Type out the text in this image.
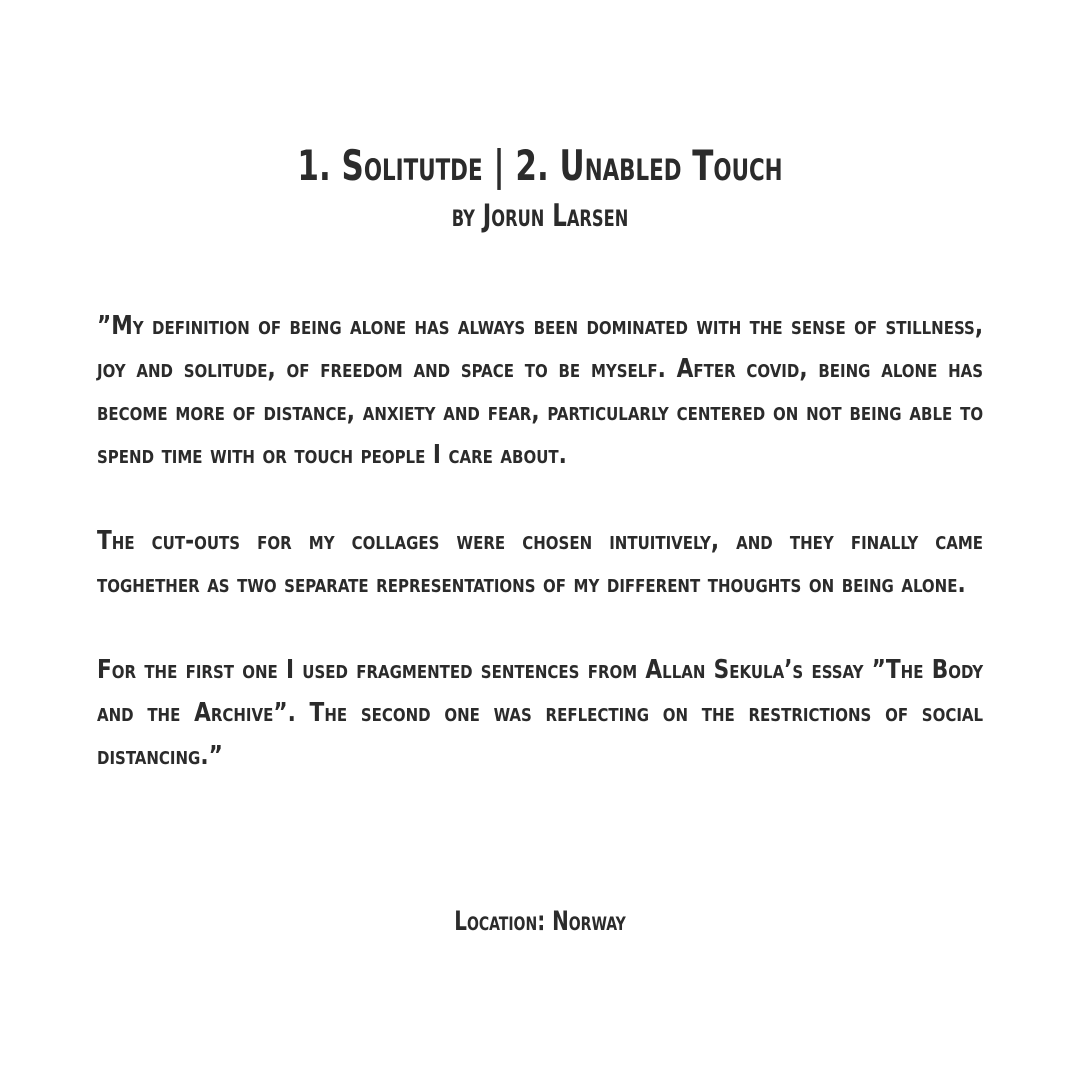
1. Solitutde | 2. Unabled Touch
by Jorun Larsen

”My definition of being alone has always been dominated with the sense of stillness, joy and solitude, of freedom and space to be myself. After covid, being alone has become more of distance, anxiety and fear, particularly centered on not being able to spend time with or touch people I care about.

The cut-outs for my collages were chosen intuitively, and they finally came toghether as two separate representations of my different thoughts on being alone.

For the first one I used fragmented sentences from Allan Sekula’s essay ”The Body and the Archive”. The second one was reflecting on the restrictions of social distancing.”

Location: Norway
